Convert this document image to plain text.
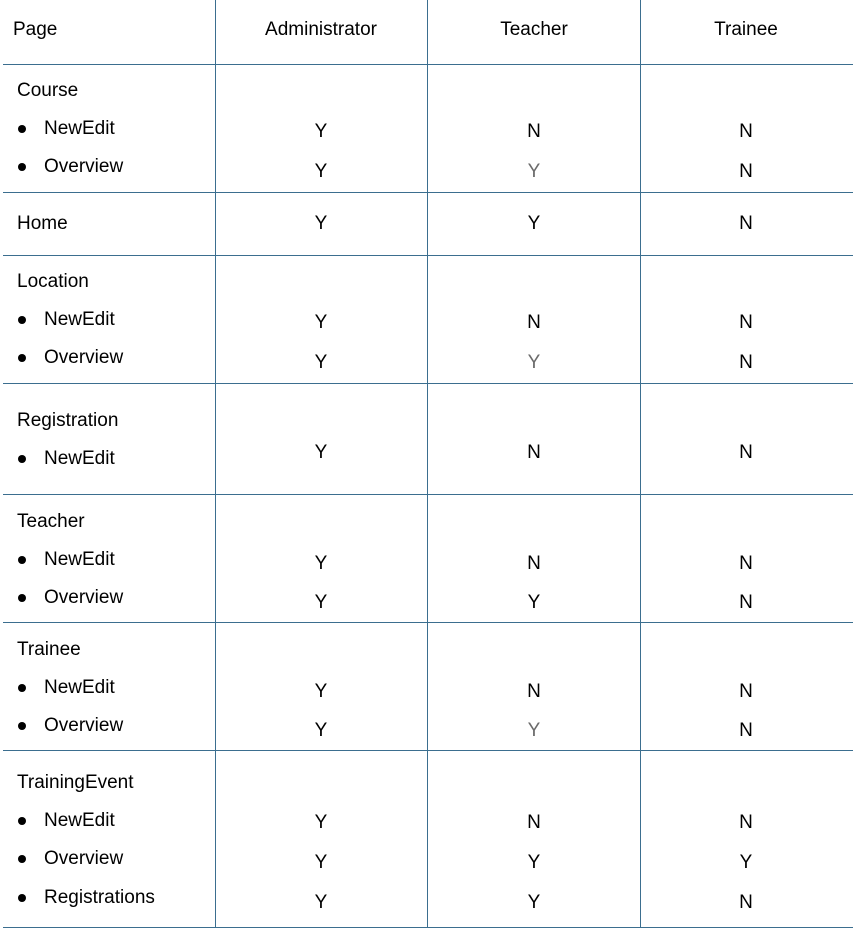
Page	Administrator	Teacher	Trainee
Course
NewEdit	Y	N	N
Overview	Y	Y	N
Home	Y	Y	N
Location
NewEdit	Y	N	N
Overview	Y	Y	N
Registration
NewEdit	Y	N	N
Teacher
NewEdit	Y	N	N
Overview	Y	Y	N
Trainee
NewEdit	Y	N	N
Overview	Y	Y	N
TrainingEvent
NewEdit	Y	N	N
Overview	Y	Y	Y
Registrations	Y	Y	N
